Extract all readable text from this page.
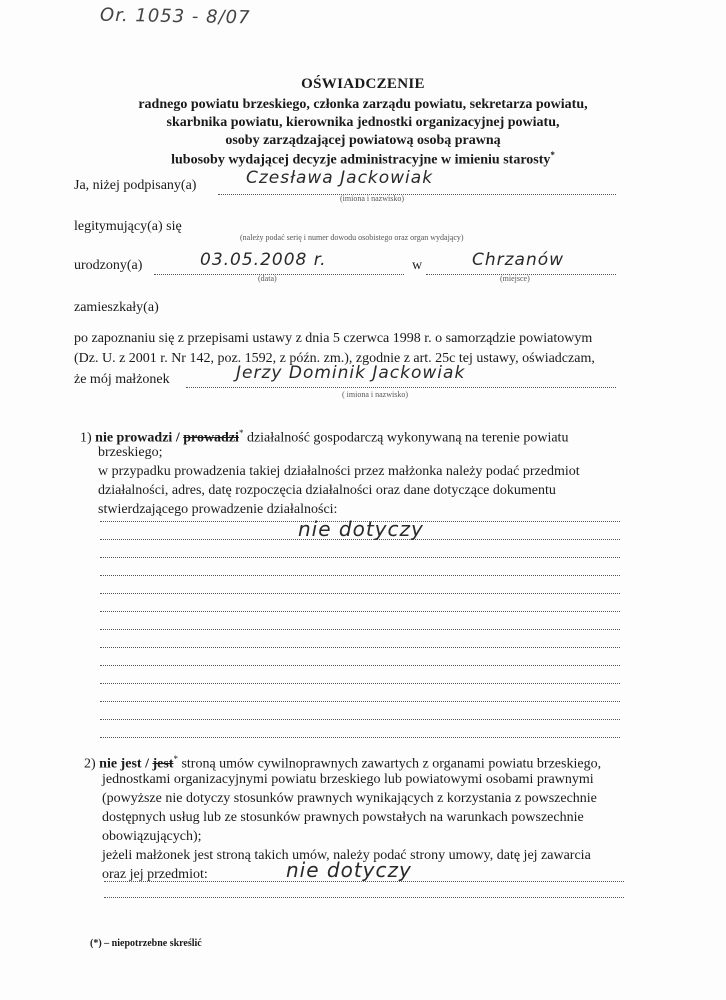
Or. 1053 - 8/07
OŚWIADCZENIE
radnego powiatu brzeskiego, członka zarządu powiatu, sekretarza powiatu,
skarbnika powiatu, kierownika jednostki organizacyjnej powiatu,
osoby zarządzającej powiatową osobą prawną
lubosoby wydającej decyzje administracyjne w imieniu starosty*
Ja, niżej podpisany(a)	Czesława Jackowiak
(imiona i nazwisko)
legitymujący(a) się
(należy podać serię i numer dowodu osobistego oraz organ wydający)
urodzony(a)	03.05.2008 r.
(data)
w	Chrzanów
(miejsce)
zamieszkały(a)
po zapoznaniu się z przepisami ustawy z dnia 5 czerwca 1998 r. o samorządzie powiatowym
(Dz. U. z 2001 r. Nr 142, poz. 1592, z późn. zm.), zgodnie z art. 25c tej ustawy, oświadczam,
że mój małżonek	Jerzy Dominik Jackowiak
( imiona i nazwisko)
1) nie prowadzi / prowadzi* działalność gospodarczą wykonywaną na terenie powiatu
brzeskiego;
w przypadku prowadzenia takiej działalności przez małżonka należy podać przedmiot
działalności, adres, datę rozpoczęcia działalności oraz dane dotyczące dokumentu
stwierdzającego prowadzenie działalności:
nie dotyczy
2) nie jest / jest* stroną umów cywilnoprawnych zawartych z organami powiatu brzeskiego,
jednostkami organizacyjnymi powiatu brzeskiego lub powiatowymi osobami prawnymi
(powyższe nie dotyczy stosunków prawnych wynikających z korzystania z powszechnie
dostępnych usług lub ze stosunków prawnych powstałych na warunkach powszechnie
obowiązujących);
jeżeli małżonek jest stroną takich umów, należy podać strony umowy, datę jej zawarcia
oraz jej przedmiot:	nie dotyczy
(*) – niepotrzebne skreślić
